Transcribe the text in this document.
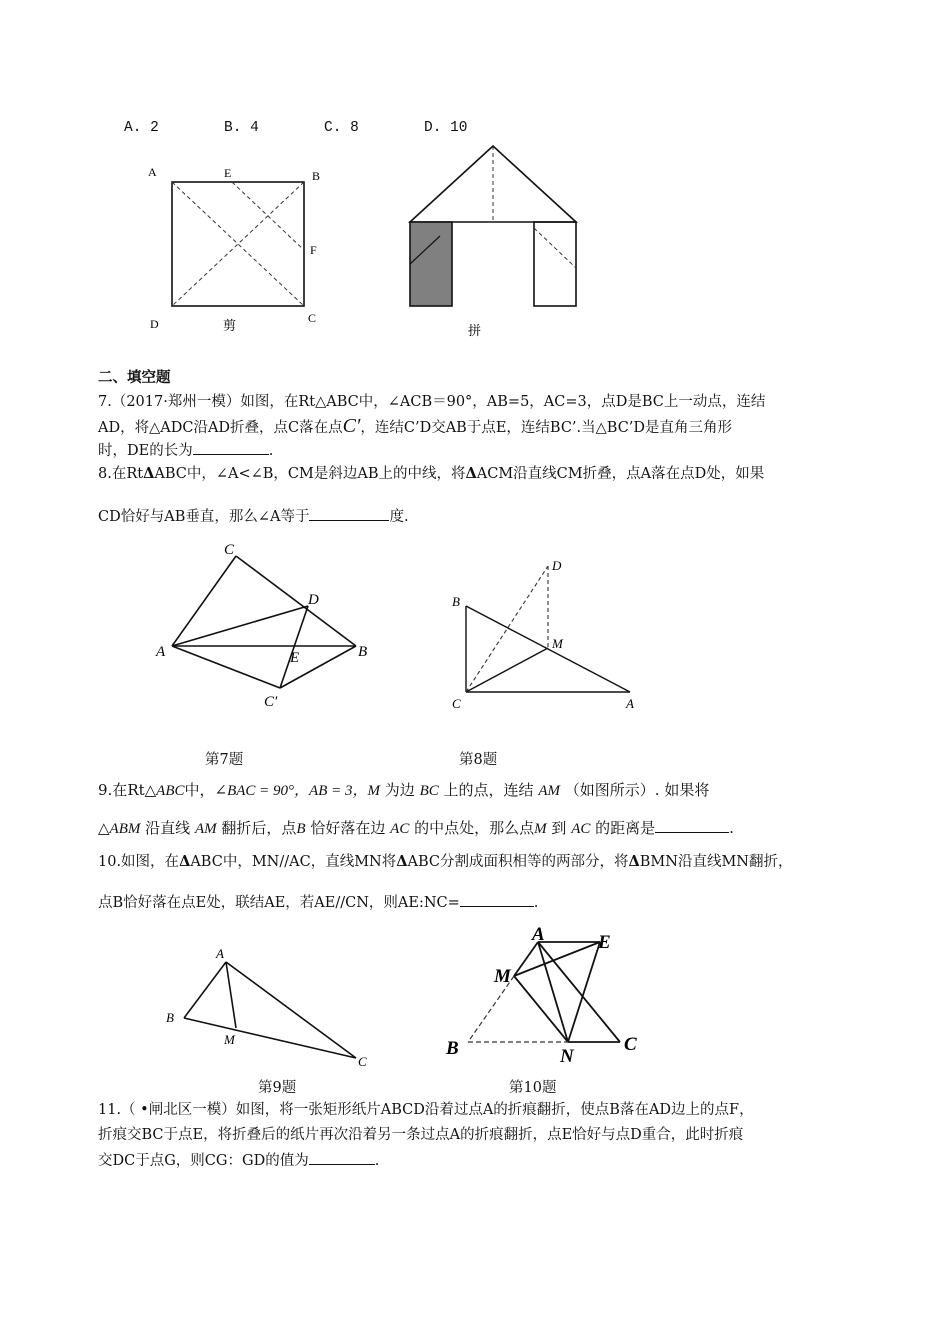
A. 2	B. 4	C. 8	D. 10
A	E	B
F
D	C
剪	拼
二、填空题
7.（2017·郑州一模）如图，在Rt△ABC中，∠ACB＝90°，AB=5，AC=3，点D是BC上一动点，连结
AD，将△ADC沿AD折叠，点C落在点C′，连结C’D交AB于点E，连结BC’.当△BC’D是直角三角形
时，DE的长为	.
8.在RtΔABC中，∠A<∠B，CM是斜边AB上的中线，将ΔACM沿直线CM折叠，点A落在点D处，如果
CD恰好与AB垂直，那么∠A等于	度.
C
D
A	E	B
C′
D
B
M
C	A
第7题	第8题
9.在Rt△ABC中，∠BAC = 90°，AB = 3，M 为边 BC 上的点，连结 AM （如图所示）. 如果将
△ABM 沿直线 AM 翻折后，点B 恰好落在边 AC 的中点处，那么点M 到 AC 的距离是	.
10.如图，在ΔABC中，MN//AC，直线MN将ΔABC分割成面积相等的两部分，将ΔBMN沿直线MN翻折，
点B恰好落在点E处，联结AE，若AE//CN，则AE:NC=	.
A
B
M
C
A	E
M
B	N
C
第9题	第10题
11.（ •闸北区一模）如图，将一张矩形纸片ABCD沿着过点A的折痕翻折，使点B落在AD边上的点F，
折痕交BC于点E，将折叠后的纸片再次沿着另一条过点A的折痕翻折，点E恰好与点D重合，此时折痕
交DC于点G，则CG：GD的值为	.
